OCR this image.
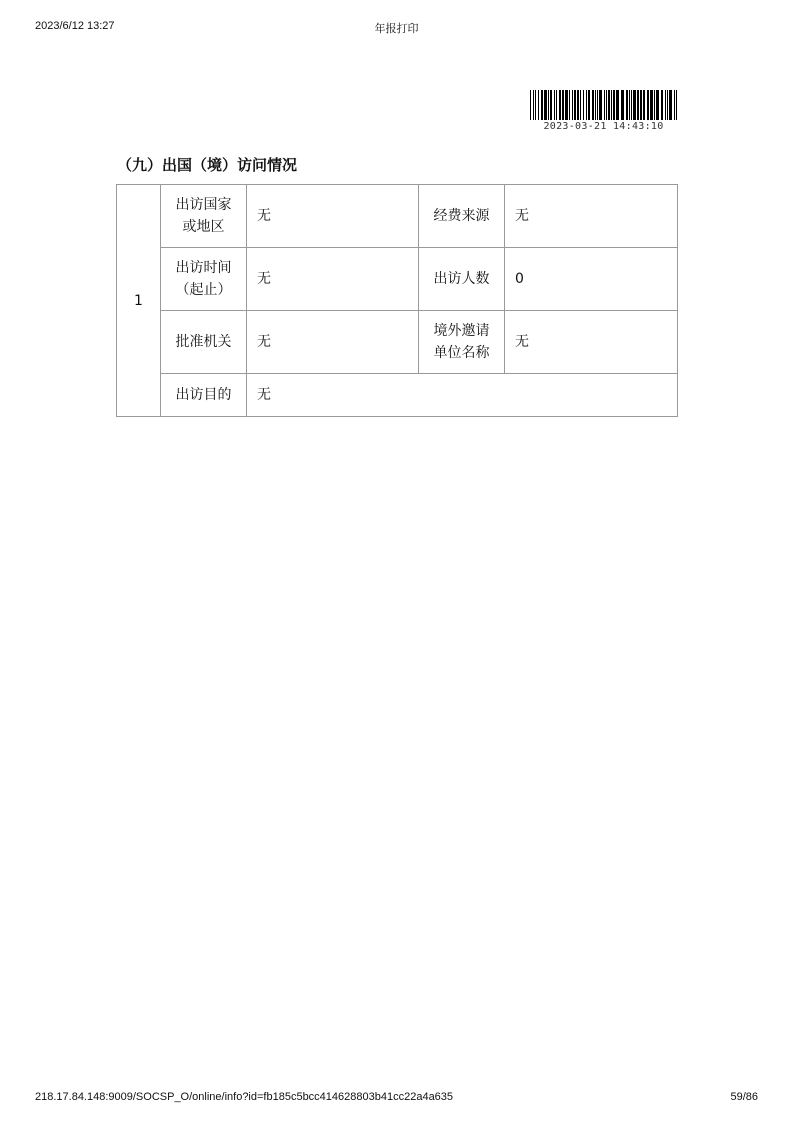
2023/6/12 13:27	年报打印
2023-03-21 14:43:10
（九）出国（境）访问情况
1	出访国家或地区	无	经费来源	无
	出访时间（起止）	无	出访人数	0
	批准机关	无	境外邀请单位名称	无
	出访目的	无		
218.17.84.148:9009/SOCSP_O/online/info?id=fb185c5bcc414628803b41cc22a4a635	59/86
